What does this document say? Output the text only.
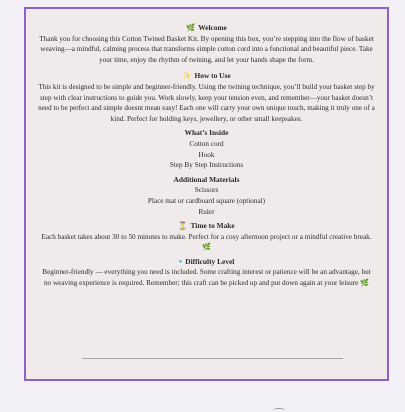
🌿 Welcome

Thank you for choosing this Cotton Twined Basket Kit. By opening this box, you’re stepping into the flow of basket weaving—a mindful, calming process that transforms simple cotton cord into a functional and beautiful piece. Take your time, enjoy the rhythm of twining, and let your hands shape the form.

✨ How to Use

This kit is designed to be simple and beginner-friendly. Using the twining technique, you’ll build your basket step by step with clear instructions to guide you. Work slowly, keep your tension even, and remember—your basket doesn’t need to be perfect and simple doesnt mean easy! Each one will carry your own unique touch, making it truly one of a kind. Perfect for holding keys, jewellery, or other small keepsakes.

What’s Inside
Cotton cord
Hook
Step By Step Instructions
Additional Materials
Scissors
Place mat or cardboard square (optional)
Ruler
⏳ Time to Make

Each basket takes about 30 to 50 minutes to make. Perfect for a cosy afternoon project or a mindful creative break. 🌿

● Difficulty Level

Beginner-friendly — everything you need is included. Some crafting interest or patience will be an advantage, but no weaving experience is required. Remember; this craft can be picked up and put down again at your leisure 🌿
